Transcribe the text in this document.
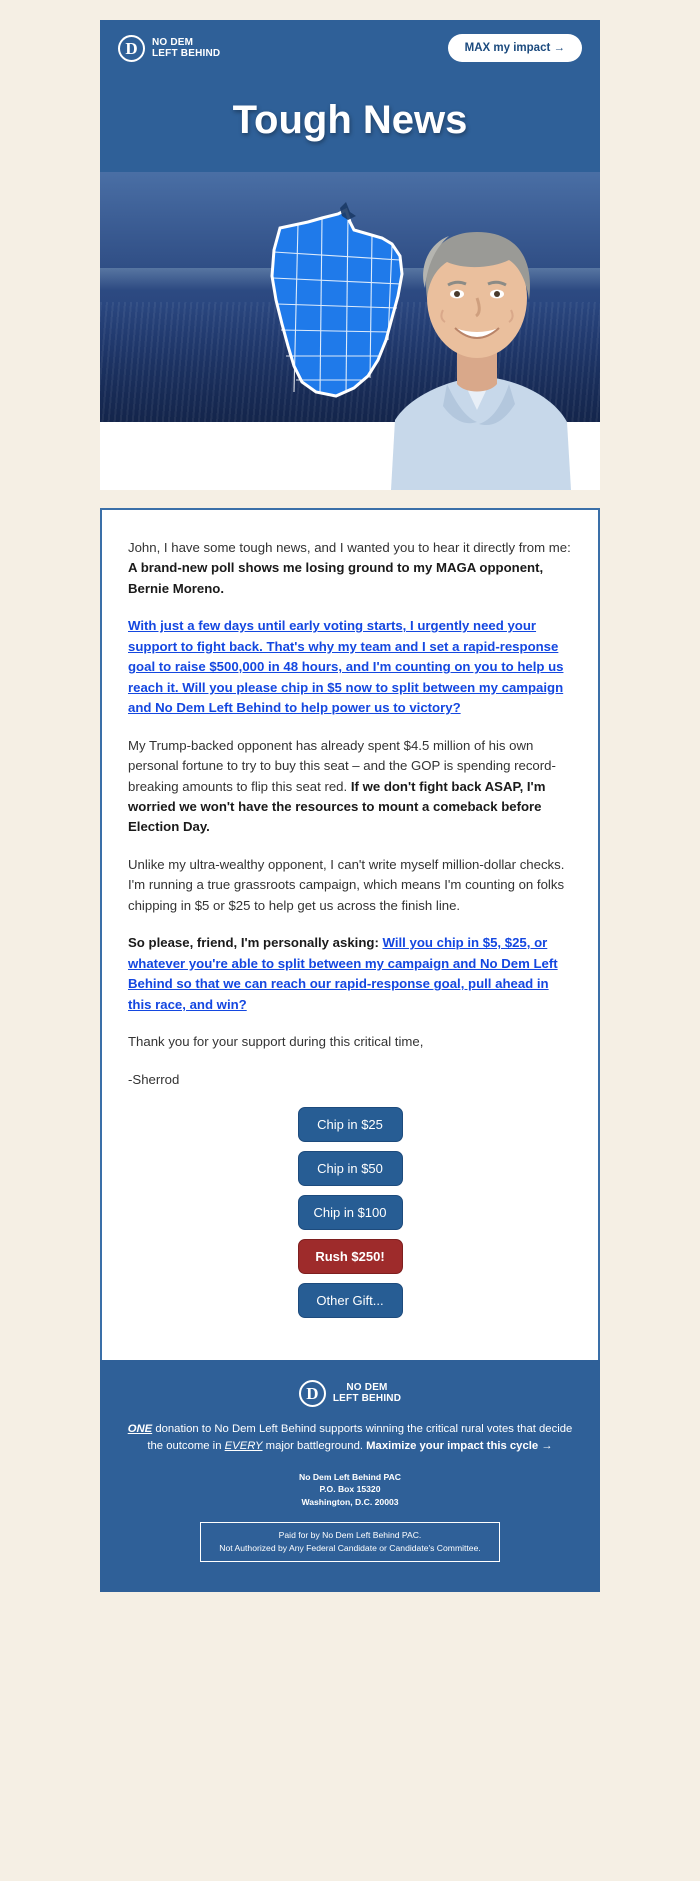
D	NO DEM
LEFT BEHIND	MAX my impact →
Tough News

John, I have some tough news, and I wanted you to hear it directly from me: A brand-new poll shows me losing ground to my MAGA opponent, Bernie Moreno.

With just a few days until early voting starts, I urgently need your support to fight back. That's why my team and I set a rapid-response goal to raise $500,000 in 48 hours, and I'm counting on you to help us reach it. Will you please chip in $5 now to split between my campaign and No Dem Left Behind to help power us to victory?

My Trump-backed opponent has already spent $4.5 million of his own personal fortune to try to buy this seat – and the GOP is spending record-breaking amounts to flip this seat red. If we don't fight back ASAP, I'm worried we won't have the resources to mount a comeback before Election Day.

Unlike my ultra-wealthy opponent, I can't write myself million-dollar checks. I'm running a true grassroots campaign, which means I'm counting on folks chipping in $5 or $25 to help get us across the finish line.

So please, friend, I'm personally asking: Will you chip in $5, $25, or whatever you're able to split between my campaign and No Dem Left Behind so that we can reach our rapid-response goal, pull ahead in this race, and win?

Thank you for your support during this critical time,

-Sherrod

Chip in $25
Chip in $50
Chip in $100
Rush $250!
Other Gift...
D	NO DEM
LEFT BEHIND

ONE donation to No Dem Left Behind supports winning the critical rural votes that decide the outcome in EVERY major battleground. Maximize your impact this cycle →

No Dem Left Behind PAC
P.O. Box 15320
Washington, D.C. 20003
Paid for by No Dem Left Behind PAC.
Not Authorized by Any Federal Candidate or Candidate's Committee.
